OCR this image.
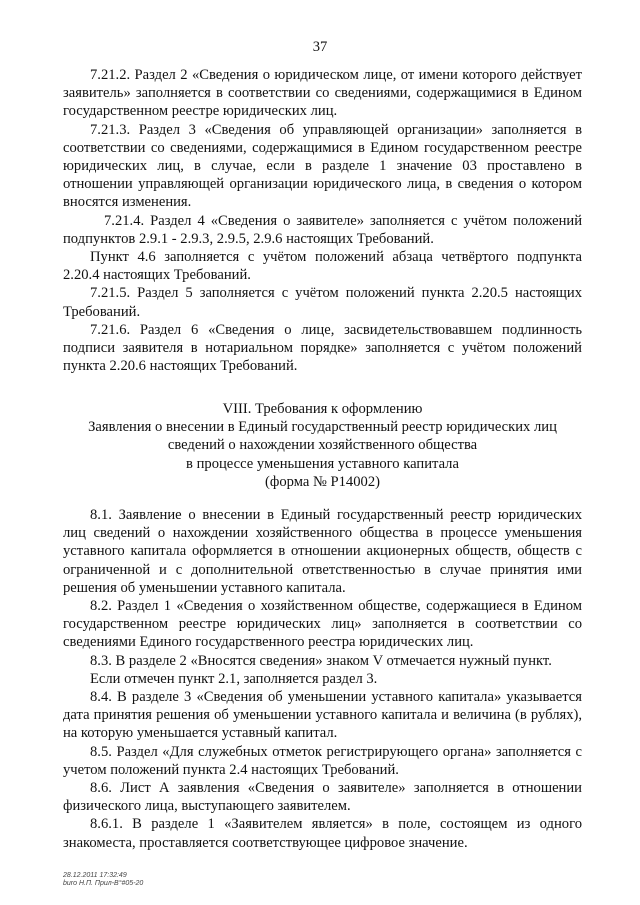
37

7.21.2. Раздел 2 «Сведения о юридическом лице, от имени которого действует заявитель» заполняется в соответствии со сведениями, содержащимися в Едином государственном реестре юридических лиц.

7.21.3. Раздел 3 «Сведения об управляющей организации» заполняется в соответствии со сведениями, содержащимися в Едином государственном реестре юридических лиц, в случае, если в разделе 1 значение 03 проставлено в отношении управляющей организации юридического лица, в сведения о котором вносятся изменения.

7.21.4. Раздел 4 «Сведения о заявителе» заполняется с учётом положений подпунктов 2.9.1 - 2.9.3, 2.9.5, 2.9.6 настоящих Требований.

Пункт 4.6 заполняется с учётом положений абзаца четвёртого подпункта 2.20.4 настоящих Требований.

7.21.5. Раздел 5 заполняется с учётом положений пункта 2.20.5 настоящих Требований.

7.21.6. Раздел 6 «Сведения о лице, засвидетельствовавшем подлинность подписи заявителя в нотариальном порядке» заполняется с учётом положений пункта 2.20.6 настоящих Требований.

VIII. Требования к оформлению
Заявления о внесении в Единый государственный реестр юридических лиц
сведений о нахождении хозяйственного общества
в процессе уменьшения уставного капитала
(форма № Р14002)

8.1. Заявление о внесении в Единый государственный реестр юридических лиц сведений о нахождении хозяйственного общества в процессе уменьшения уставного капитала оформляется в отношении акционерных обществ, обществ с ограниченной и с дополнительной ответственностью в случае принятия ими решения об уменьшении уставного капитала.

8.2. Раздел 1 «Сведения о хозяйственном обществе, содержащиеся в Едином государственном реестре юридических лиц» заполняется в соответствии со сведениями Единого государственного реестра юридических лиц.

8.3. В разделе 2 «Вносятся сведения» знаком V отмечается нужный пункт.

Если отмечен пункт 2.1, заполняется раздел 3.

8.4. В разделе 3 «Сведения об уменьшении уставного капитала» указывается дата принятия решения об уменьшении уставного капитала и величина (в рублях), на которую уменьшается уставный капитал.

8.5. Раздел «Для служебных отметок регистрирующего органа» заполняется с учетом положений пункта 2.4 настоящих Требований.

8.6. Лист А заявления «Сведения о заявителе» заполняется в отношении физического лица, выступающего заявителем.

8.6.1. В разделе 1 «Заявителем является» в поле, состоящем из одного знакоместа, проставляется соответствующее цифровое значение.

28.12.2011 17:32:49
buro Н.П. Прил-В°#05-20
